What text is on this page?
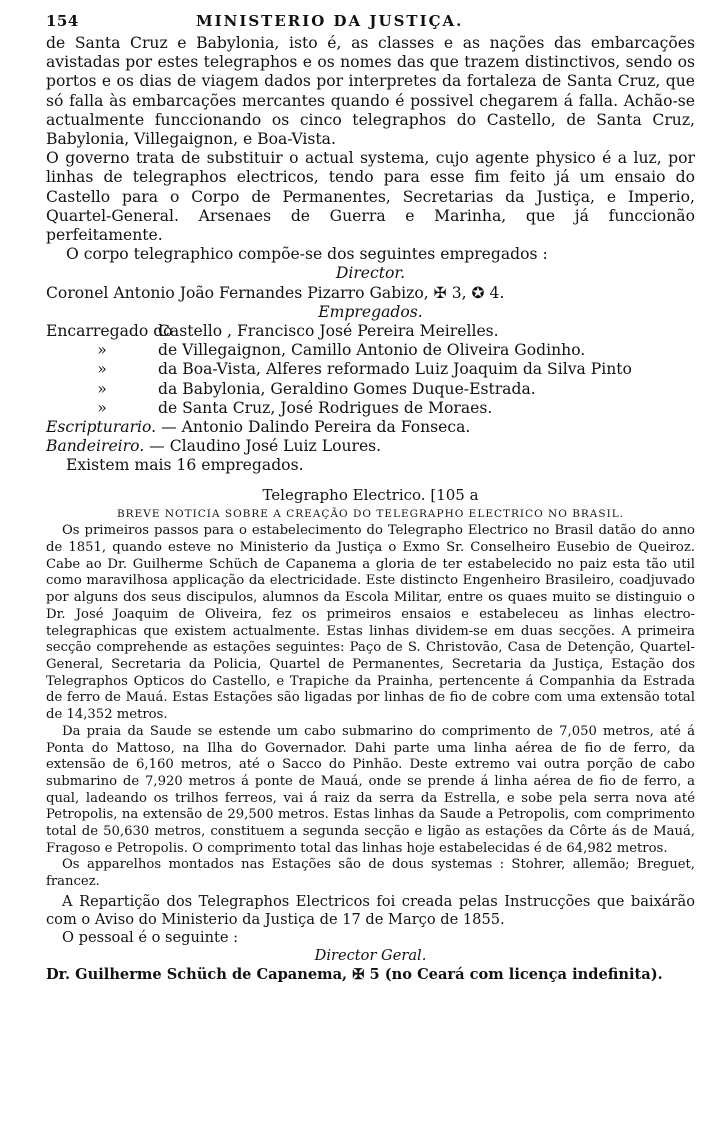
154	MINISTERIO DA JUSTIÇA.

de Santa Cruz e Babylonia, isto é, as classes e as nações das embarcações avistadas por estes telegraphos e os nomes das que trazem distinctivos, sendo os portos e os dias de viagem dados por interpretes da fortaleza de Santa Cruz, que só falla às embarcações mercantes quando é possivel chegarem á falla. Achão-se actualmente funccionando os cinco telegraphos do Castello, de Santa Cruz, Babylonia, Villegaignon, e Boa-Vista.

O governo trata de substituir o actual systema, cujo agente physico é a luz, por linhas de telegraphos electricos, tendo para esse fim feito já um ensaio do Castello para o Corpo de Permanentes, Secretarias da Justiça, e Imperio, Quartel-General. Arsenaes de Guerra e Marinha, que já funccionão perfeitamente.

O corpo telegraphico compõe-se dos seguintes empregados :

Director.

Coronel Antonio João Fernandes Pizarro Gabizo, ✠ 3, ✪ 4.

Empregados.

Encarregado do
Castello , Francisco José Pereira Meirelles.
»	de Villegaignon, Camillo Antonio de Oliveira Godinho.
»	da Boa-Vista, Alferes reformado Luiz Joaquim da Silva Pinto
»	da Babylonia, Geraldino Gomes Duque-Estrada.
»	de Santa Cruz, José Rodrigues de Moraes.

Escripturario. — Antonio Dalindo Pereira da Fonseca.

Bandeireiro. — Claudino José Luiz Loures.

Existem mais 16 empregados.

Telegrapho Electrico. [105 a
BREVE NOTICIA SOBRE A CREAÇÃO DO TELEGRAPHO ELECTRICO NO BRASIL.

Os primeiros passos para o estabelecimento do Telegrapho Electrico no Brasil datão do anno de 1851, quando esteve no Ministerio da Justiça o Exmo Sr. Conselheiro Eusebio de Queiroz. Cabe ao Dr. Guilherme Schüch de Capanema a gloria de ter estabelecido no paiz esta tão util como maravilhosa applicação da electricidade. Este distincto Engenheiro Brasileiro, coadjuvado por alguns dos seus discipulos, alumnos da Escola Militar, entre os quaes muito se distinguio o Dr. José Joaquim de Oliveira, fez os primeiros ensaios e estabeleceu as linhas electro-telegraphicas que existem actualmente. Estas linhas dividem-se em duas secções. A primeira secção comprehende as estações seguintes: Paço de S. Christovão, Casa de Detenção, Quartel-General, Secretaria da Policia, Quartel de Permanentes, Secretaria da Justiça, Estação dos Telegraphos Opticos do Castello, e Trapiche da Prainha, pertencente á Companhia da Estrada de ferro de Mauá. Estas Estações são ligadas por linhas de fio de cobre com uma extensão total de 14,352 metros.

Da praia da Saude se estende um cabo submarino do comprimento de 7,050 metros, até á Ponta do Mattoso, na Ilha do Governador. Dahi parte uma linha aérea de fio de ferro, da extensão de 6,160 metros, até o Sacco do Pinhão. Deste extremo vai outra porção de cabo submarino de 7,920 metros á ponte de Mauá, onde se prende á linha aérea de fio de ferro, a qual, ladeando os trilhos ferreos, vai á raiz da serra da Estrella, e sobe pela serra nova até Petropolis, na extensão de 29,500 metros. Estas linhas da Saude a Petropolis, com comprimento total de 50,630 metros, constituem a segunda secção e ligão as estações da Côrte ás de Mauá, Fragoso e Petropolis. O comprimento total das linhas hoje estabelecidas é de 64,982 metros.

Os apparelhos montados nas Estações são de dous systemas : Stohrer, allemão; Breguet, francez.

A Repartição dos Telegraphos Electricos foi creada pelas Instrucções que baixárão com o Aviso do Ministerio da Justiça de 17 de Março de 1855.

O pessoal é o seguinte :

Director Geral.

Dr. Guilherme Schüch de Capanema, ✠ 5 (no Ceará com licença indefinita).
